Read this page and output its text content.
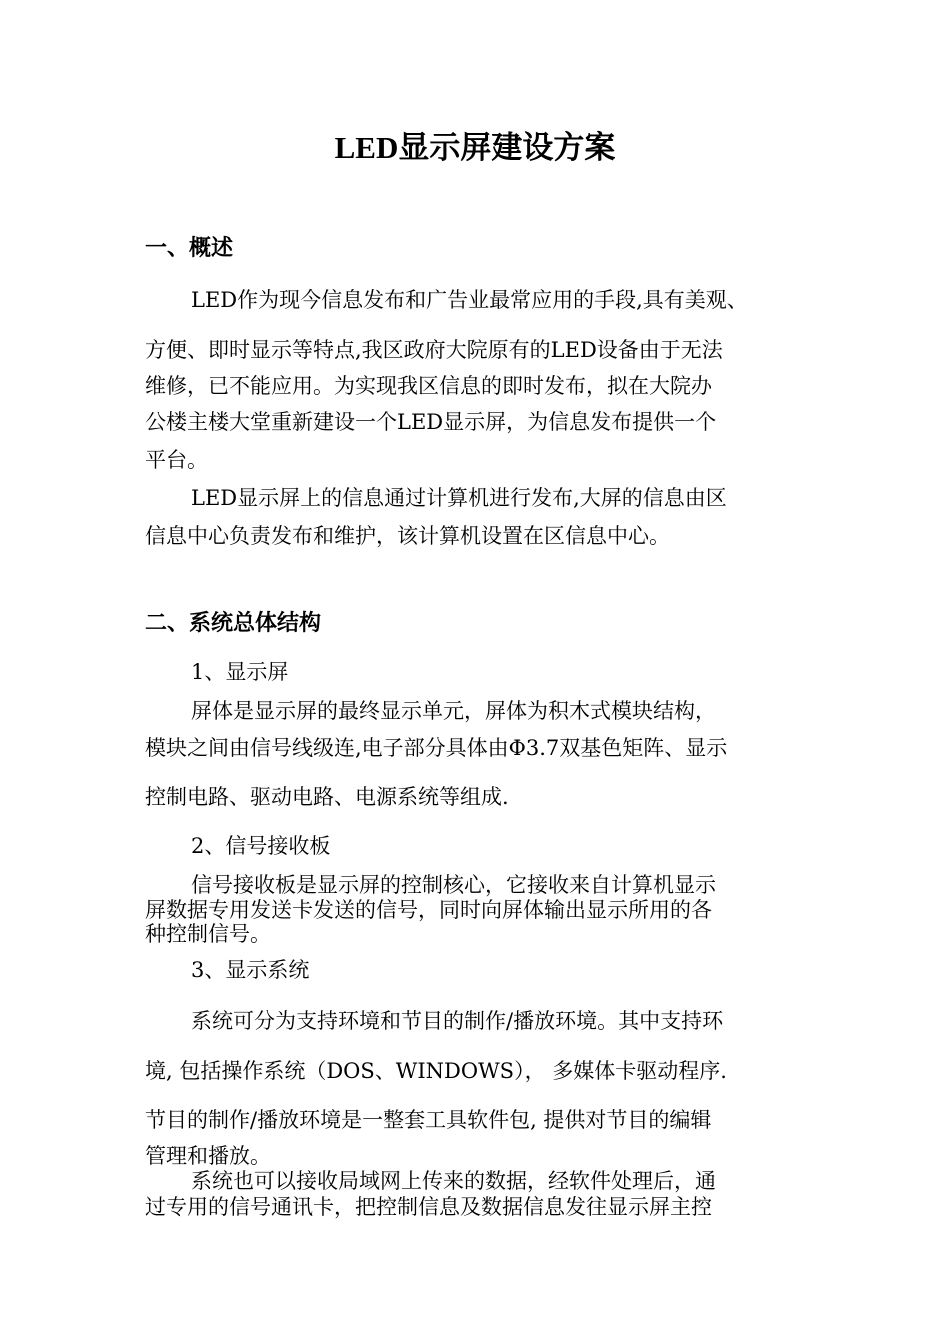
LED显示屏建设方案
一、概述
LED作为现今信息发布和广告业最常应用的手段,具有美观、
方便、即时显示等特点,我区政府大院原有的LED设备由于无法
维修，已不能应用。为实现我区信息的即时发布，拟在大院办
公楼主楼大堂重新建设一个LED显示屏，为信息发布提供一个
平台。
LED显示屏上的信息通过计算机进行发布,大屏的信息由区
信息中心负责发布和维护，该计算机设置在区信息中心。
二、系统总体结构
1、显示屏
屏体是显示屏的最终显示单元，屏体为积木式模块结构，
模块之间由信号线级连,电子部分具体由Φ3.7双基色矩阵、显示
控制电路、驱动电路、电源系统等组成.
2、信号接收板
信号接收板是显示屏的控制核心，它接收来自计算机显示
屏数据专用发送卡发送的信号，同时向屏体输出显示所用的各
种控制信号。
3、显示系统
系统可分为支持环境和节目的制作/播放环境。其中支持环
境, 包括操作系统（DOS、WINDOWS）， 多媒体卡驱动程序.
节目的制作/播放环境是一整套工具软件包, 提供对节目的编辑
管理和播放。
系统也可以接收局域网上传来的数据，经软件处理后，通
过专用的信号通讯卡，把控制信息及数据信息发往显示屏主控
